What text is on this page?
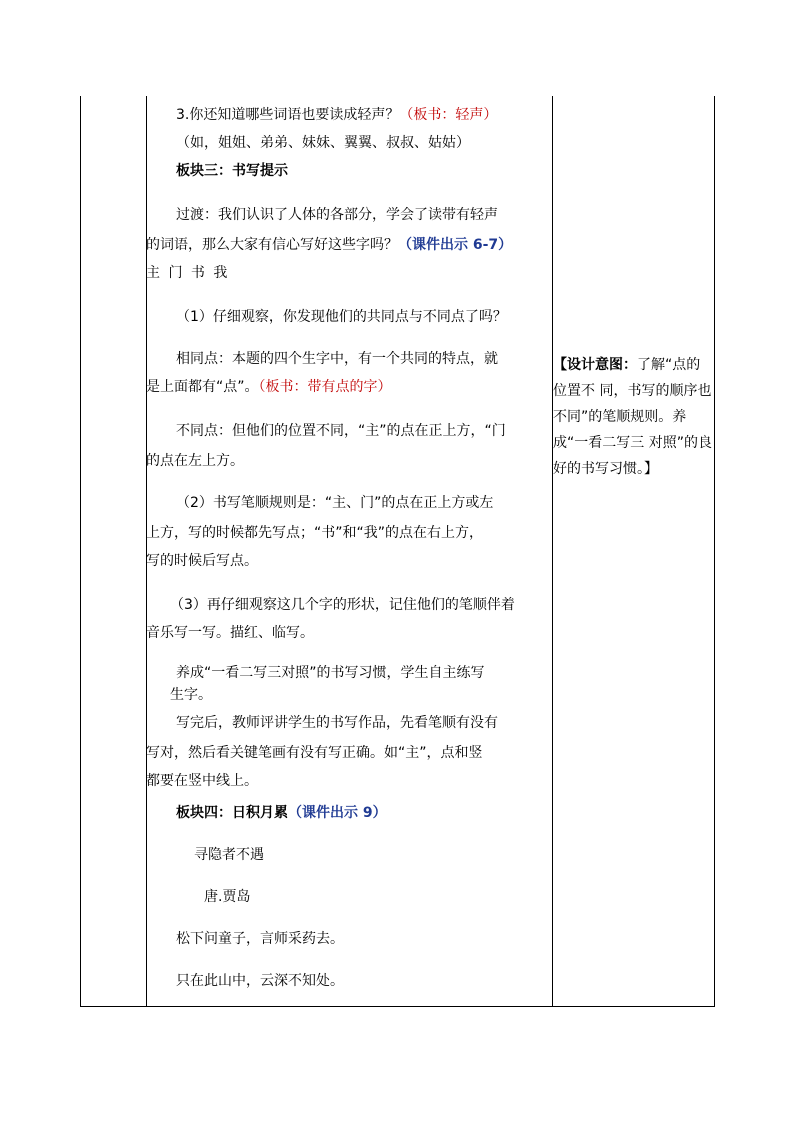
3.你还知道哪些词语也要读成轻声？（板书：轻声）
（如，姐姐、弟弟、妹妹、翼翼、叔叔、姑姑）
板块三：书写提示
过渡：我们认识了人体的各部分，学会了读带有轻声
的词语，那么大家有信心写好这些字吗？（课件出示 6-7）
主 门 书 我
（1）仔细观察，你发现他们的共同点与不同点了吗？
相同点：本题的四个生字中，有一个共同的特点，就
是上面都有“点”。（板书：带有点的字）
不同点：但他们的位置不同，“主”的点在正上方，“门
的点在左上方。
（2）书写笔顺规则是：“主、门”的点在正上方或左
上方，写的时候都先写点；“书”和“我”的点在右上方，
写的时候后写点。
（3）再仔细观察这几个字的形状，记住他们的笔顺伴着
音乐写一写。描红、临写。
养成“一看二写三对照”的书写习惯，学生自主练写
生字。
写完后，教师评讲学生的书写作品，先看笔顺有没有
写对，然后看关键笔画有没有写正确。如“主”，点和竖
都要在竖中线上。
板块四：日积月累（课件出示 9）
寻隐者不遇
唐.贾岛
松下问童子，言师采药去。
只在此山中，云深不知处。
【设计意图：了解“点的位置不 同，书写的顺序也 不同”的笔顺规则。养成“一看二写三 对照”的良好的书写习惯。】
